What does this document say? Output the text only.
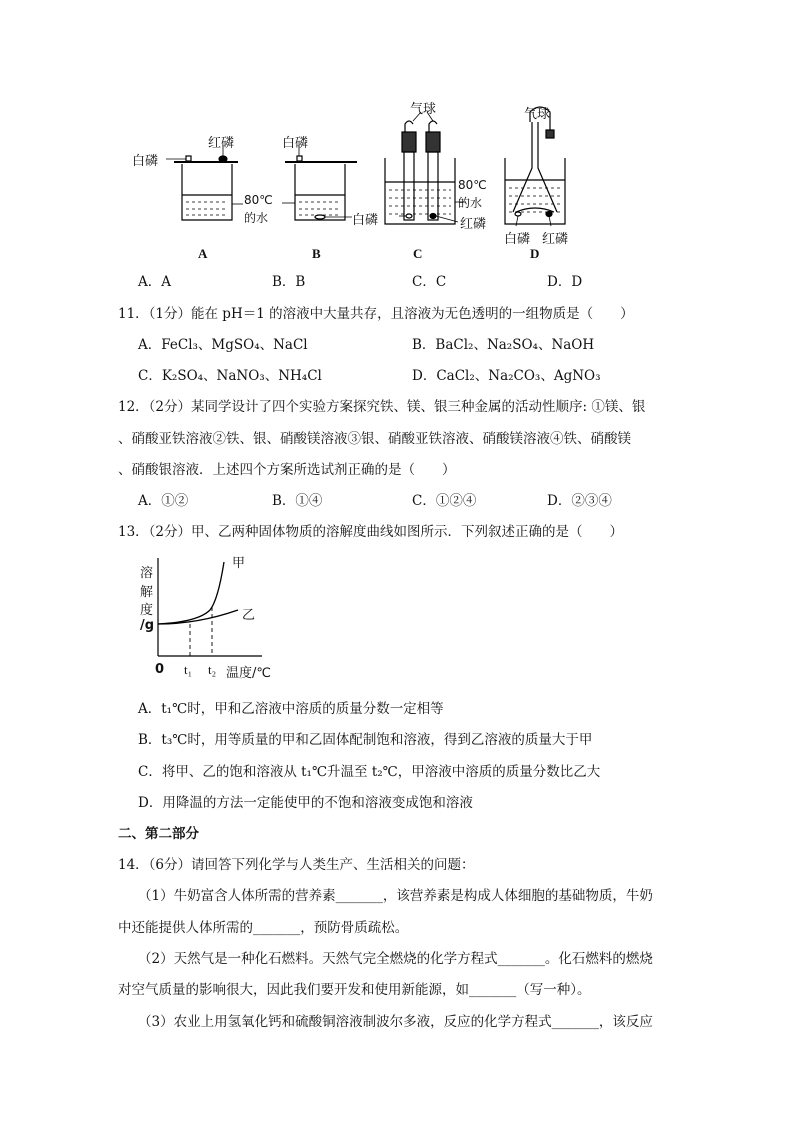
白磷
红磷
80℃
的水
白磷
白磷
气球
80℃
的水
红磷
气球
白磷 红磷
A	B	C	D
A．A	B．B	C．C	D．D
11．（1分）能在 pH＝1 的溶液中大量共存，且溶液为无色透明的一组物质是（　　）
A．FeCl₃、MgSO₄、NaCl	B．BaCl₂、Na₂SO₄、NaOH
C．K₂SO₄、NaNO₃、NH₄Cl	D．CaCl₂、Na₂CO₃、AgNO₃
12．（2分）某同学设计了四个实验方案探究铁、镁、银三种金属的活动性顺序: ①镁、银
、硝酸亚铁溶液②铁、银、硝酸镁溶液③银、硝酸亚铁溶液、硝酸镁溶液④铁、硝酸镁
、硝酸银溶液．上述四个方案所选试剂正确的是（　　）
A．①②	B．①④	C．①②④	D．②③④
13．（2分）甲、乙两种固体物质的溶解度曲线如图所示．下列叙述正确的是（　　）
溶
解
度
/g
甲
乙
0 t₁ t₂ 温度/℃
A．t₁℃时，甲和乙溶液中溶质的质量分数一定相等
B．t₃℃时，用等质量的甲和乙固体配制饱和溶液，得到乙溶液的质量大于甲
C．将甲、乙的饱和溶液从 t₁℃升温至 t₂℃，甲溶液中溶质的质量分数比乙大
D．用降温的方法一定能使甲的不饱和溶液变成饱和溶液
二、第二部分
14．（6分）请回答下列化学与人类生产、生活相关的问题：
（1）牛奶富含人体所需的营养素_______，该营养素是构成人体细胞的基础物质，牛奶
中还能提供人体所需的_______，预防骨质疏松。
（2）天然气是一种化石燃料。天然气完全燃烧的化学方程式_______。化石燃料的燃烧
对空气质量的影响很大，因此我们要开发和使用新能源，如_______（写一种）。
（3）农业上用氢氧化钙和硫酸铜溶液制波尔多液，反应的化学方程式_______，该反应
